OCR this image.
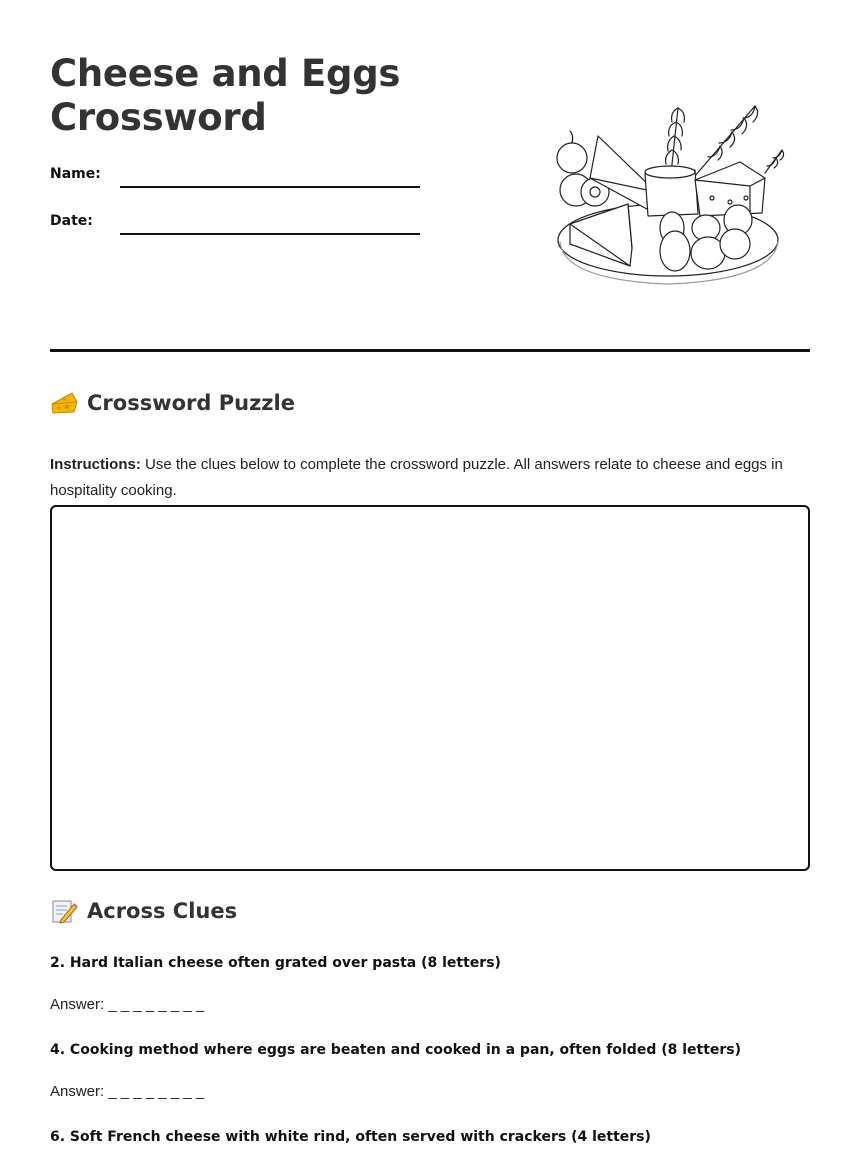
Cheese and Eggs
Crossword
Name:
Date:
Crossword Puzzle

Instructions: Use the clues below to complete the crossword puzzle. All answers relate to cheese and eggs in hospitality cooking.

Across Clues
2. Hard Italian cheese often grated over pasta (8 letters)
Answer: _ _ _ _ _ _ _ _
4. Cooking method where eggs are beaten and cooked in a pan, often folded (8 letters)
Answer: _ _ _ _ _ _ _ _
6. Soft French cheese with white rind, often served with crackers (4 letters)
